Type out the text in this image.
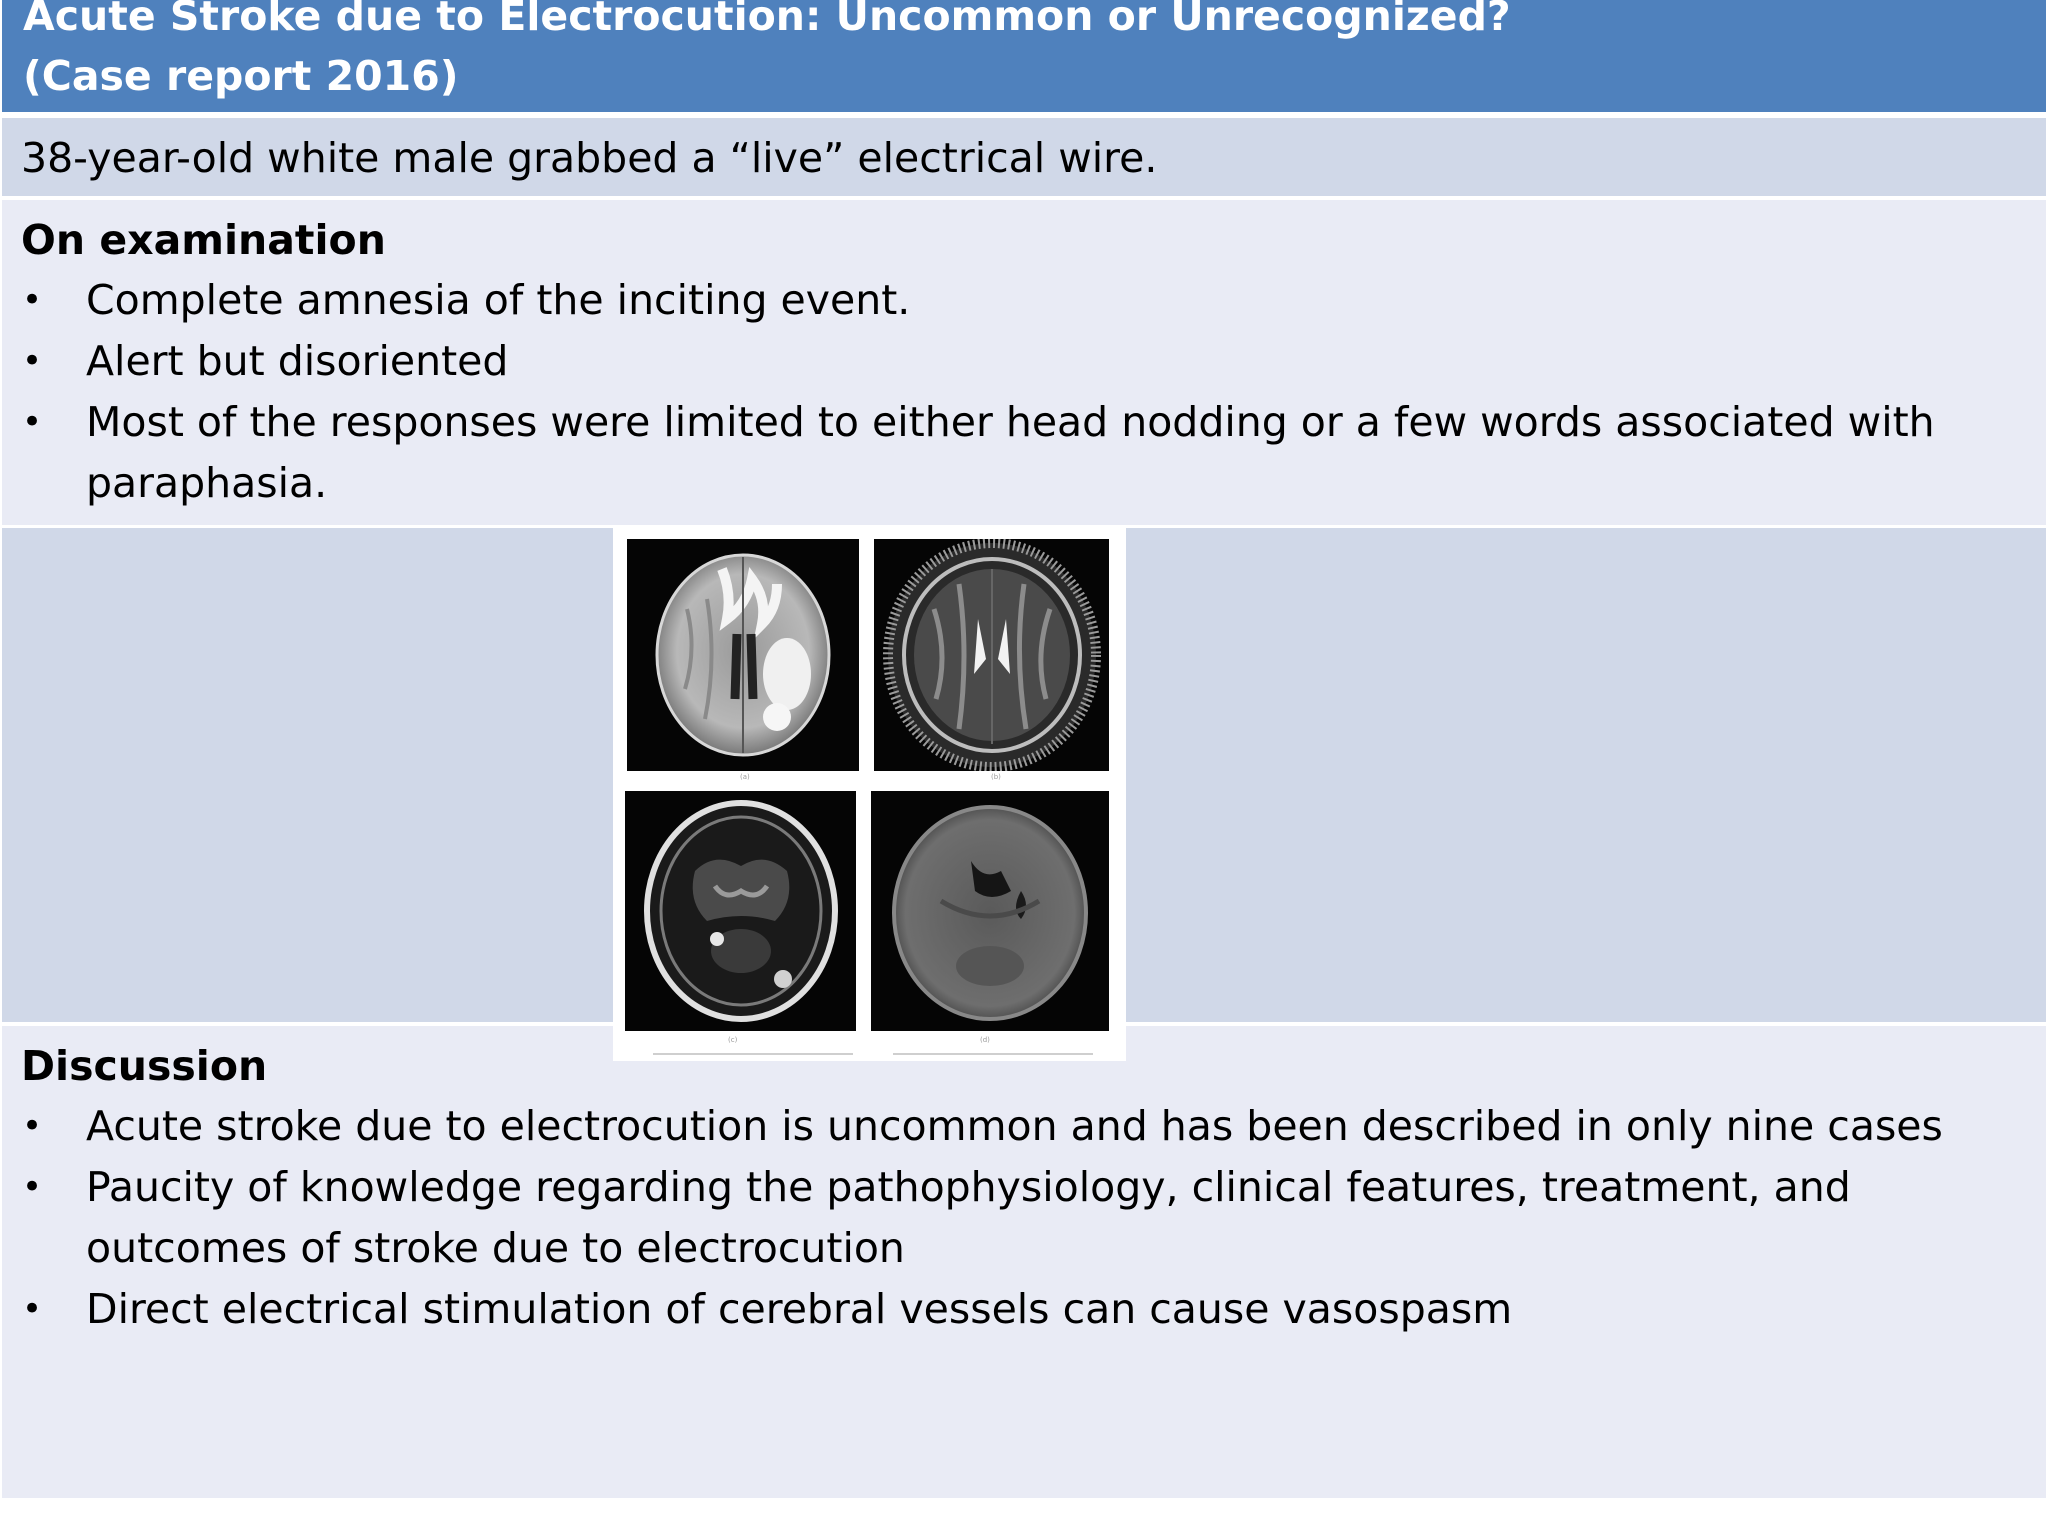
Acute Stroke due to Electrocution: Uncommon or Unrecognized?
(Case report 2016)
38-year-old white male grabbed a “live” electrical wire.
On examination
• Complete amnesia of the inciting event.
• Alert but disoriented
• Most of the responses were limited to either head nodding or a few words associated with paraphasia.
Discussion
• Acute stroke due to electrocution is uncommon and has been described in only nine cases
• Paucity of knowledge regarding the pathophysiology, clinical features, treatment, and outcomes of stroke due to electrocution
• Direct electrical stimulation of cerebral vessels can cause vasospasm
(a)	(b)
(c)	(d)
